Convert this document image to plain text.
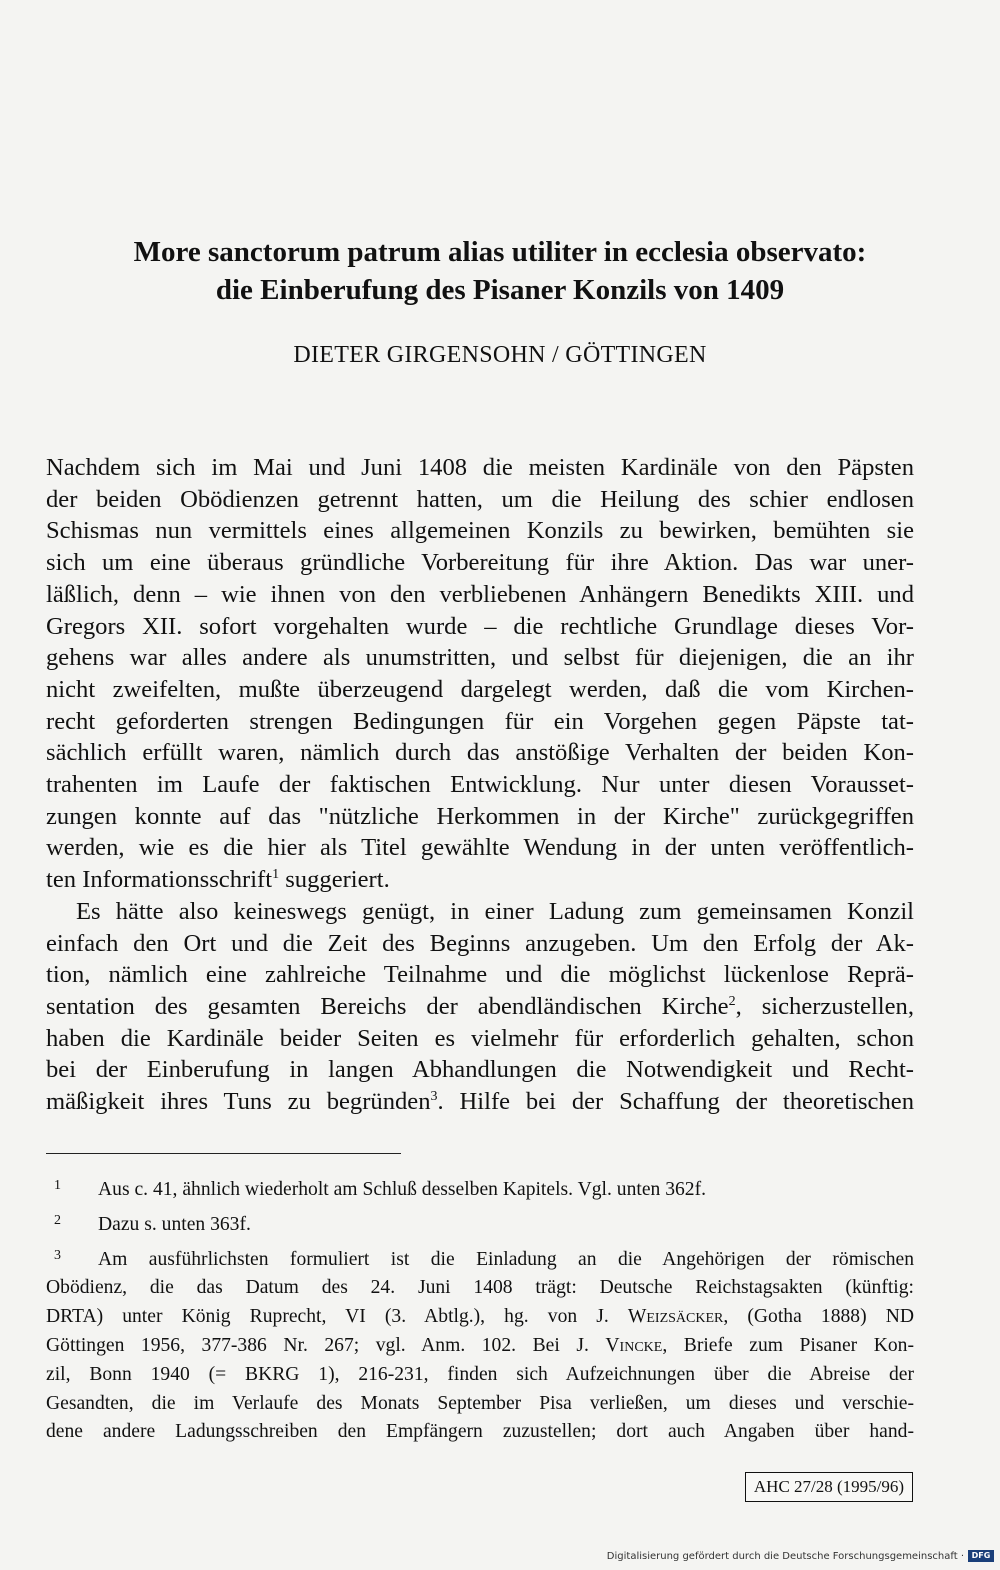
More sanctorum patrum alias utiliter in ecclesia observato:
die Einberufung des Pisaner Konzils von 1409
DIETER GIRGENSOHN / GÖTTINGEN

Nachdem sich im Mai und Juni 1408 die meisten Kardinäle von den Päpsten
der beiden Obödienzen getrennt hatten, um die Heilung des schier endlosen
Schismas nun vermittels eines allgemeinen Konzils zu bewirken, bemühten sie
sich um eine überaus gründliche Vorbereitung für ihre Aktion. Das war uner-
läßlich, denn – wie ihnen von den verbliebenen Anhängern Benedikts XIII. und
Gregors XII. sofort vorgehalten wurde – die rechtliche Grundlage dieses Vor-
gehens war alles andere als unumstritten, und selbst für diejenigen, die an ihr
nicht zweifelten, mußte überzeugend dargelegt werden, daß die vom Kirchen-
recht geforderten strengen Bedingungen für ein Vorgehen gegen Päpste tat-
sächlich erfüllt waren, nämlich durch das anstößige Verhalten der beiden Kon-
trahenten im Laufe der faktischen Entwicklung. Nur unter diesen Vorausset-
zungen konnte auf das "nützliche Herkommen in der Kirche" zurückgegriffen
werden, wie es die hier als Titel gewählte Wendung in der unten veröffentlich-
ten Informationsschrift$^1$ suggeriert.

Es hätte also keineswegs genügt, in einer Ladung zum gemeinsamen Konzil
einfach den Ort und die Zeit des Beginns anzugeben. Um den Erfolg der Ak-
tion, nämlich eine zahlreiche Teilnahme und die möglichst lückenlose Reprä-
sentation des gesamten Bereichs der abendländischen Kirche$^2$, sicherzustellen,
haben die Kardinäle beider Seiten es vielmehr für erforderlich gehalten, schon
bei der Einberufung in langen Abhandlungen die Notwendigkeit und Recht-
mäßigkeit ihres Tuns zu begründen$^3$. Hilfe bei der Schaffung der theoretischen

1 Aus c. 41, ähnlich wiederholt am Schluß desselben Kapitels. Vgl. unten 362f.
2 Dazu s. unten 363f.
3 Am ausführlichsten formuliert ist die Einladung an die Angehörigen der römischen
Obödienz, die das Datum des 24. Juni 1408 trägt: Deutsche Reichstagsakten (künftig:
DRTA) unter König Ruprecht, VI (3. Abtlg.), hg. von J. Weizsäcker, (Gotha 1888) ND
Göttingen 1956, 377-386 Nr. 267; vgl. Anm. 102. Bei J. Vincke, Briefe zum Pisaner Kon-
zil, Bonn 1940 (= BKRG 1), 216-231, finden sich Aufzeichnungen über die Abreise der
Gesandten, die im Verlaufe des Monats September Pisa verließen, um dieses und verschie-
dene andere Ladungsschreiben den Empfängern zuzustellen; dort auch Angaben über hand-
AHC 27/28 (1995/96)
Digitalisierung gefördert durch die Deutsche Forschungsgemeinschaft · DFG
